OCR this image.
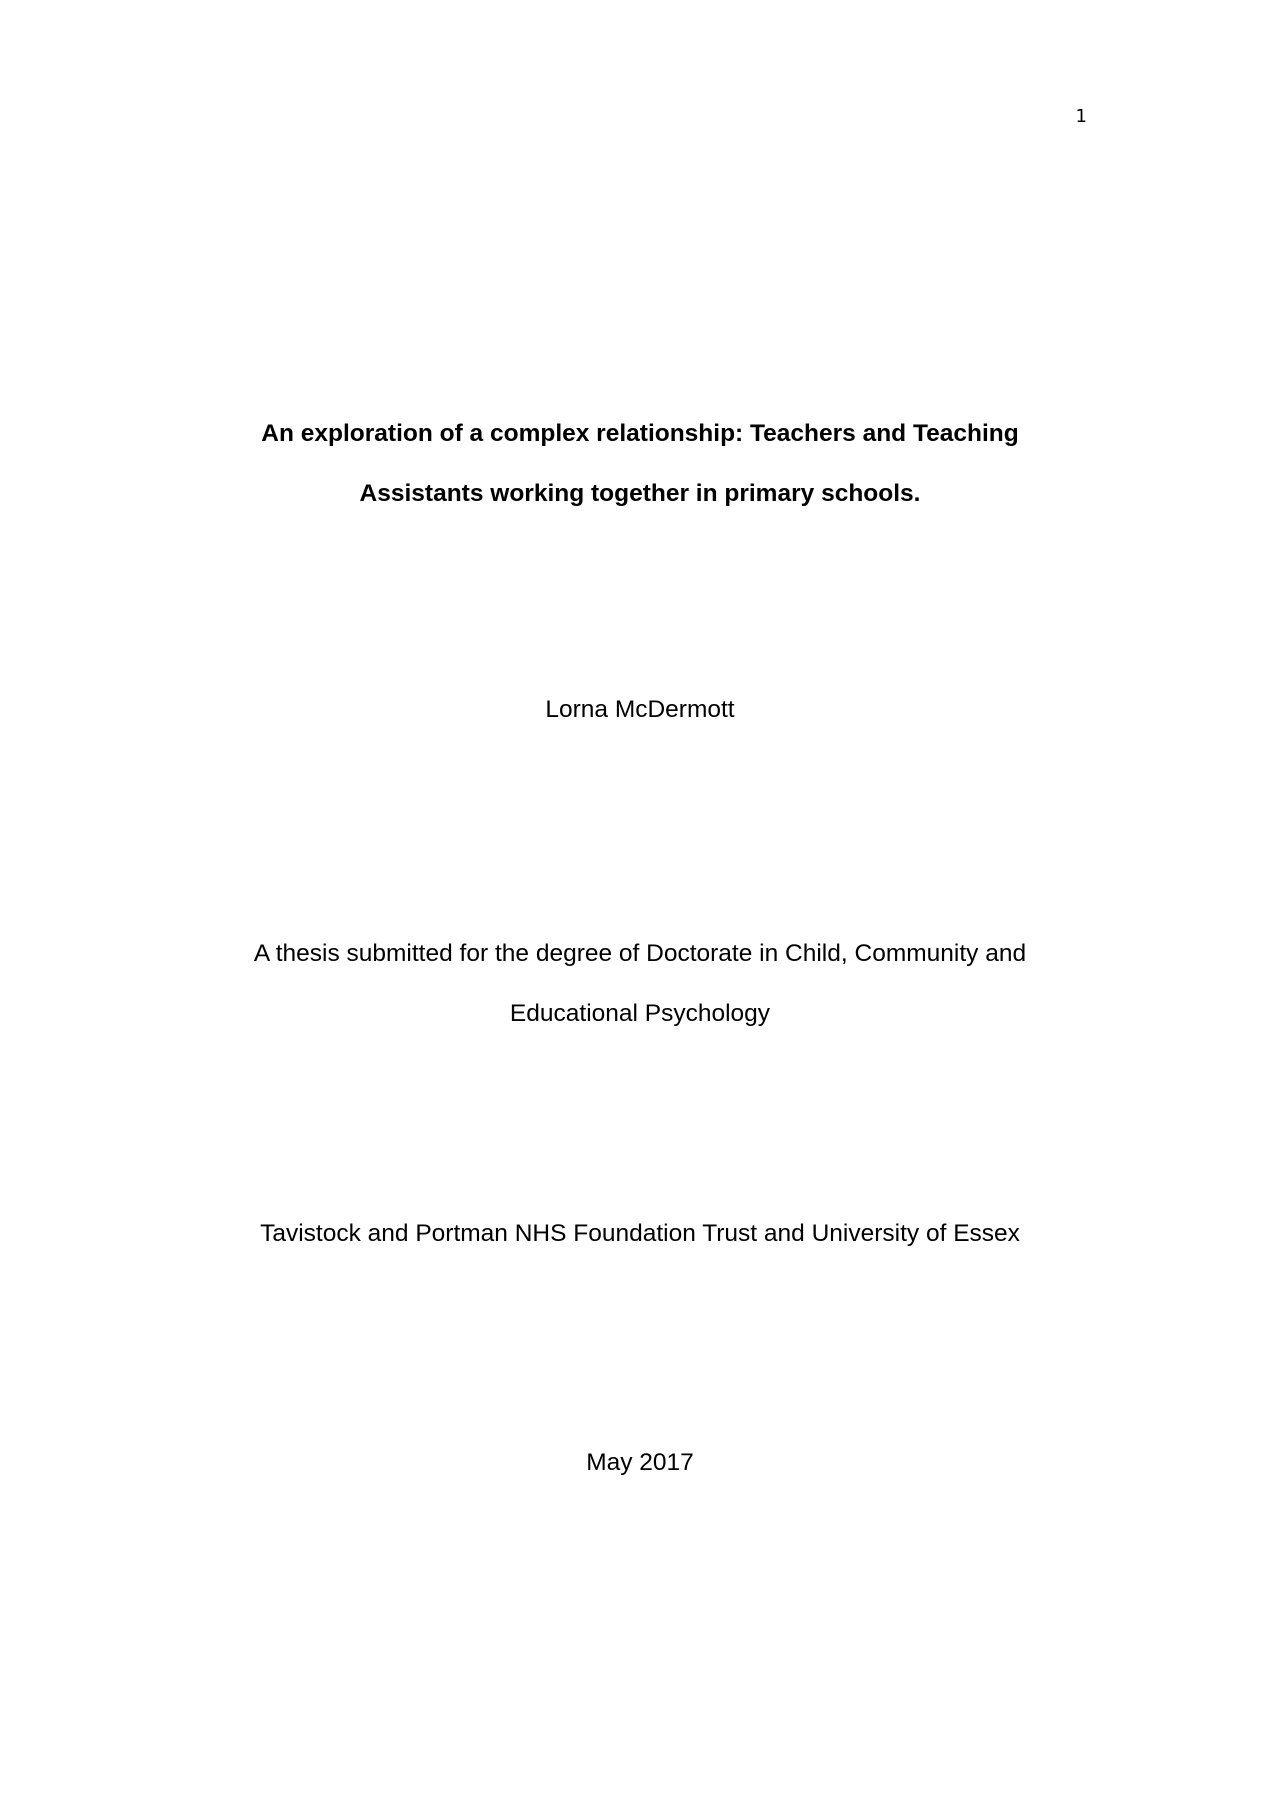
1
An exploration of a complex relationship: Teachers and Teaching
Assistants working together in primary schools.
Lorna McDermott
A thesis submitted for the degree of Doctorate in Child, Community and
Educational Psychology
Tavistock and Portman NHS Foundation Trust and University of Essex
May 2017
